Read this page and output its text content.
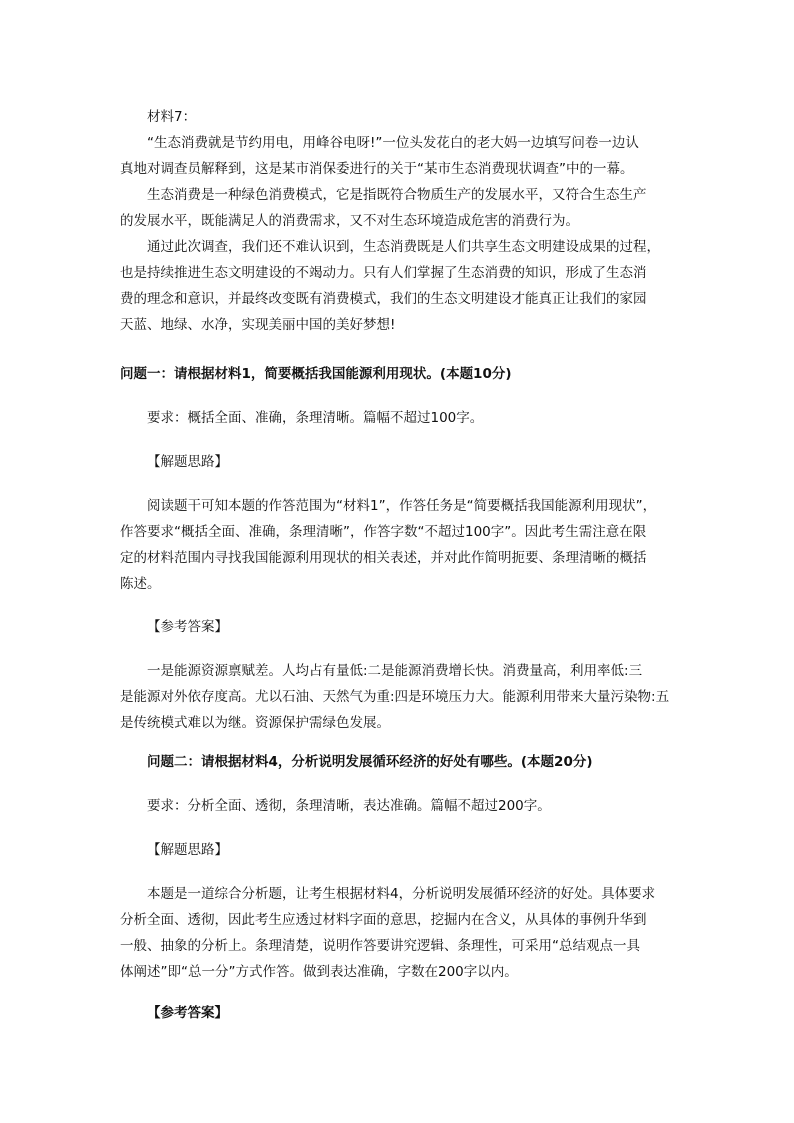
材料7：
“生态消费就是节约用电，用峰谷电呀!”一位头发花白的老大妈一边填写问卷一边认
真地对调查员解释到，这是某市消保委进行的关于“某市生态消费现状调查”中的一幕。
生态消费是一种绿色消费模式，它是指既符合物质生产的发展水平，又符合生态生产
的发展水平，既能满足人的消费需求，又不对生态环境造成危害的消费行为。
通过此次调查，我们还不难认识到，生态消费既是人们共享生态文明建设成果的过程，
也是持续推进生态文明建设的不竭动力。只有人们掌握了生态消费的知识，形成了生态消
费的理念和意识，并最终改变既有消费模式，我们的生态文明建设才能真正让我们的家园
天蓝、地绿、水净，实现美丽中国的美好梦想!
问题一：请根据材料1，简要概括我国能源利用现状。(本题10分)
要求：概括全面、准确，条理清晰。篇幅不超过100字。
【解题思路】
阅读题干可知本题的作答范围为“材料1”，作答任务是“简要概括我国能源利用现状”，
作答要求“概括全面、准确，条理清晰”，作答字数“不超过100字”。因此考生需注意在限
定的材料范围内寻找我国能源利用现状的相关表述，并对此作简明扼要、条理清晰的概括
陈述。
【参考答案】
一是能源资源禀赋差。人均占有量低:二是能源消费增长快。消费量高，利用率低:三
是能源对外依存度高。尤以石油、天然气为重:四是环境压力大。能源利用带来大量污染物:五
是传统模式难以为继。资源保护需绿色发展。
问题二：请根据材料4，分析说明发展循环经济的好处有哪些。(本题20分)
要求：分析全面、透彻，条理清晰，表达准确。篇幅不超过200字。
【解题思路】
本题是一道综合分析题，让考生根据材料4，分析说明发展循环经济的好处。具体要求
分析全面、透彻，因此考生应透过材料字面的意思，挖掘内在含义，从具体的事例升华到
一般、抽象的分析上。条理清楚，说明作答要讲究逻辑、条理性，可采用“总结观点一具
体阐述”即“总一分”方式作答。做到表达准确，字数在200字以内。
【参考答案】
